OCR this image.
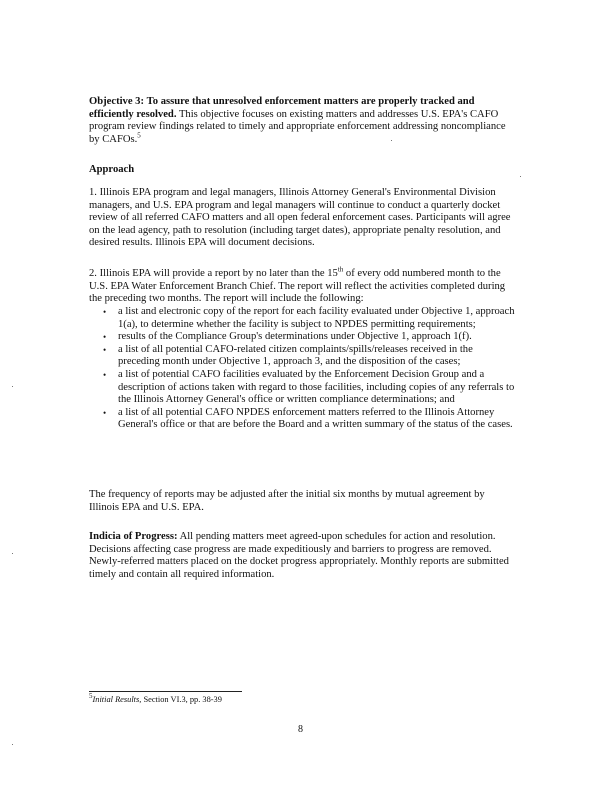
Objective 3: To assure that unresolved enforcement matters are properly tracked and efficiently resolved. This objective focuses on existing matters and addresses U.S. EPA's CAFO program review findings related to timely and appropriate enforcement addressing noncompliance by CAFOs.$^5$

Approach

1. Illinois EPA program and legal managers, Illinois Attorney General's Environmental Division managers, and U.S. EPA program and legal managers will continue to conduct a quarterly docket review of all referred CAFO matters and all open federal enforcement cases. Participants will agree on the lead agency, path to resolution (including target dates), appropriate penalty resolution, and desired results. Illinois EPA will document decisions.

2. Illinois EPA will provide a report by no later than the 15th of every odd numbered month to the U.S. EPA Water Enforcement Branch Chief. The report will reflect the activities completed during the preceding two months. The report will include the following:

• a list and electronic copy of the report for each facility evaluated under Objective 1, approach 1(a), to determine whether the facility is subject to NPDES permitting requirements;
• results of the Compliance Group's determinations under Objective 1, approach 1(f).
• a list of all potential CAFO-related citizen complaints/spills/releases received in the preceding month under Objective 1, approach 3, and the disposition of the cases;
• a list of potential CAFO facilities evaluated by the Enforcement Decision Group and a description of actions taken with regard to those facilities, including copies of any referrals to the Illinois Attorney General's office or written compliance determinations; and
• a list of all potential CAFO NPDES enforcement matters referred to the Illinois Attorney General's office or that are before the Board and a written summary of the status of the cases.

The frequency of reports may be adjusted after the initial six months by mutual agreement by Illinois EPA and U.S. EPA.

Indicia of Progress: All pending matters meet agreed-upon schedules for action and resolution. Decisions affecting case progress are made expeditiously and barriers to progress are removed. Newly-referred matters placed on the docket progress appropriately. Monthly reports are submitted timely and contain all required information.

$^5$Initial Results, Section VI.3, pp. 38-39
8
